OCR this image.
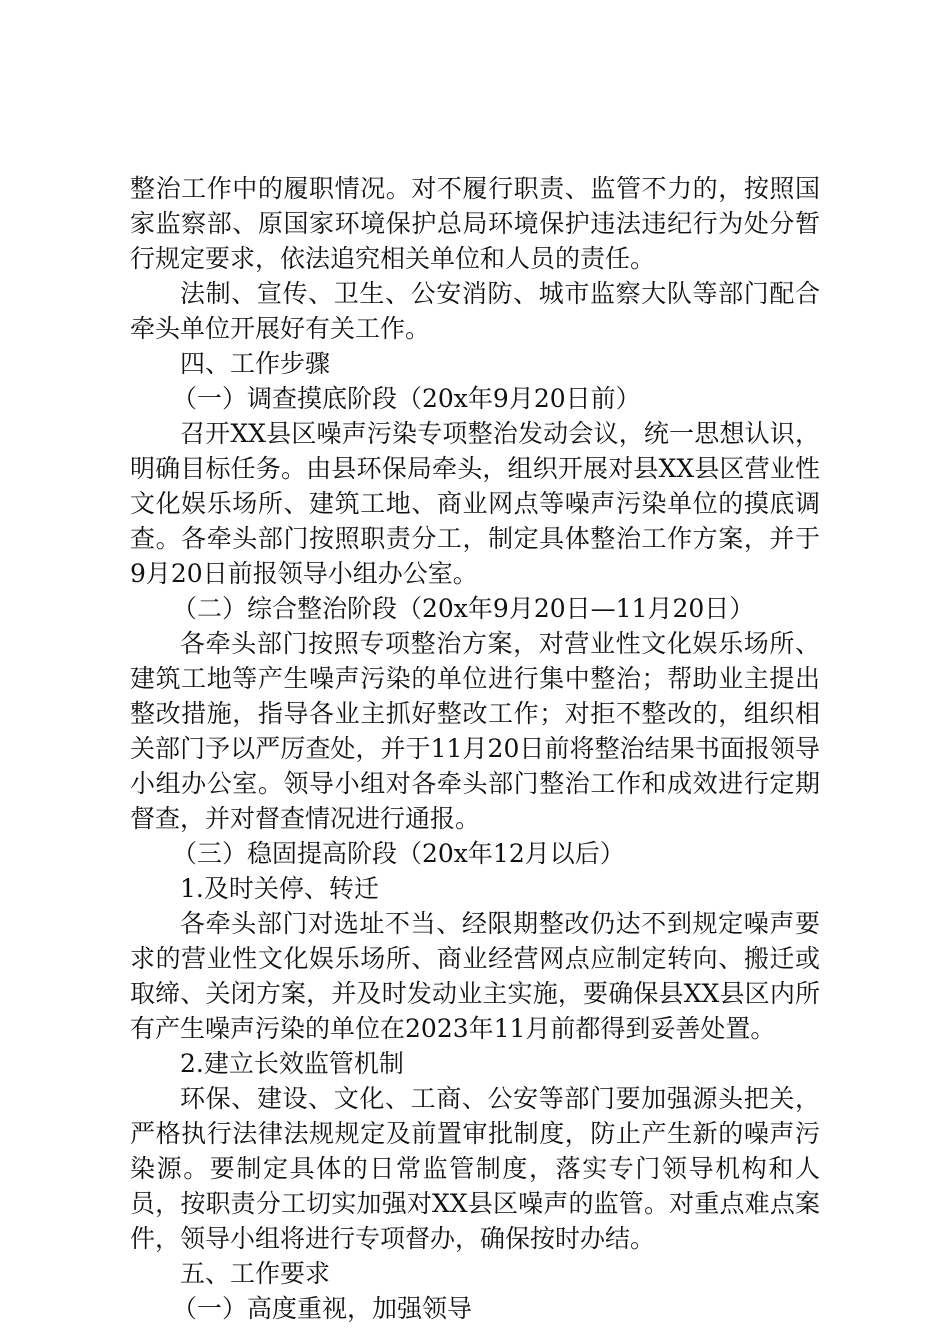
整治工作中的履职情况。对不履行职责、监管不力的，按照国家监察部、原国家环境保护总局环境保护违法违纪行为处分暂行规定要求，依法追究相关单位和人员的责任。

法制、宣传、卫生、公安消防、城市监察大队等部门配合牵头单位开展好有关工作。

四、工作步骤

（一）调查摸底阶段（20x年9月20日前）

召开XX县区噪声污染专项整治发动会议，统一思想认识，明确目标任务。由县环保局牵头，组织开展对县XX县区营业性文化娱乐场所、建筑工地、商业网点等噪声污染单位的摸底调查。各牵头部门按照职责分工，制定具体整治工作方案，并于9月20日前报领导小组办公室。

（二）综合整治阶段（20x年9月20日—11月20日）

各牵头部门按照专项整治方案，对营业性文化娱乐场所、建筑工地等产生噪声污染的单位进行集中整治；帮助业主提出整改措施，指导各业主抓好整改工作；对拒不整改的，组织相关部门予以严厉查处，并于11月20日前将整治结果书面报领导小组办公室。领导小组对各牵头部门整治工作和成效进行定期督查，并对督查情况进行通报。

（三）稳固提高阶段（20x年12月以后）

1.及时关停、转迁

各牵头部门对选址不当、经限期整改仍达不到规定噪声要求的营业性文化娱乐场所、商业经营网点应制定转向、搬迁或取缔、关闭方案，并及时发动业主实施，要确保县XX县区内所有产生噪声污染的单位在2023年11月前都得到妥善处置。

2.建立长效监管机制

环保、建设、文化、工商、公安等部门要加强源头把关，严格执行法律法规规定及前置审批制度，防止产生新的噪声污染源。要制定具体的日常监管制度，落实专门领导机构和人员，按职责分工切实加强对XX县区噪声的监管。对重点难点案件，领导小组将进行专项督办，确保按时办结。

五、工作要求

（一）高度重视，加强领导
